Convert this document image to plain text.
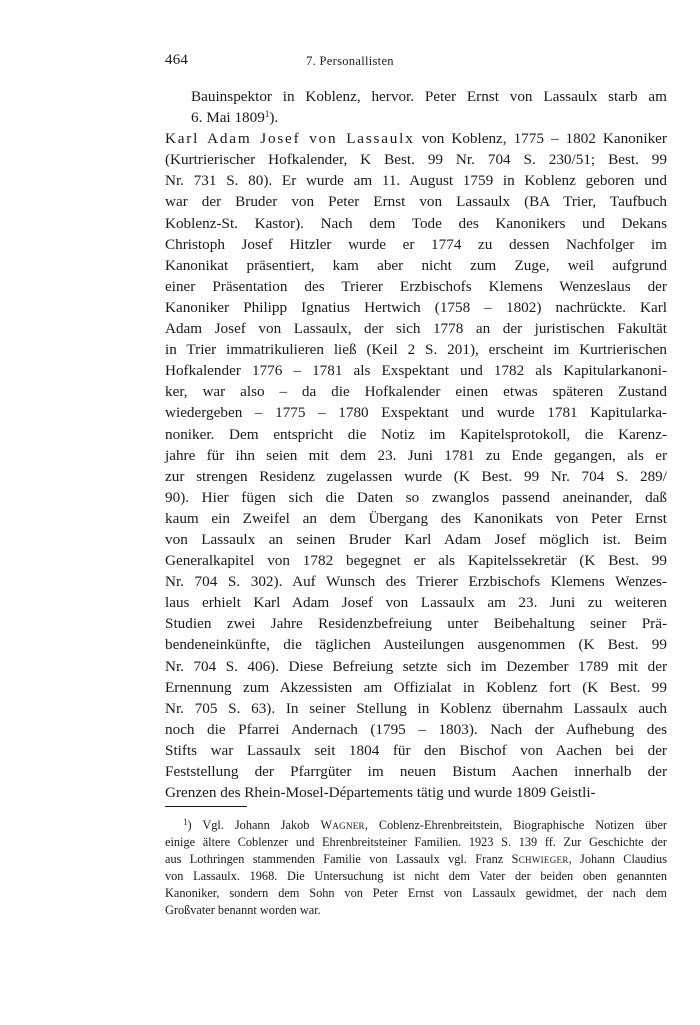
464	7. Personallisten

Bauinspektor in Koblenz, hervor. Peter Ernst von Lassaulx starb am
6. Mai 1809$^1$).

Karl Adam Josef von Lassaulx von Koblenz, 1775 – 1802 Kanoniker
(Kurtrierischer Hofkalender, K Best. 99 Nr. 704 S. 230/51; Best. 99
Nr. 731 S. 80). Er wurde am 11. August 1759 in Koblenz geboren und
war der Bruder von Peter Ernst von Lassaulx (BA Trier, Taufbuch
Koblenz-St. Kastor). Nach dem Tode des Kanonikers und Dekans
Christoph Josef Hitzler wurde er 1774 zu dessen Nachfolger im
Kanonikat präsentiert, kam aber nicht zum Zuge, weil aufgrund
einer Präsentation des Trierer Erzbischofs Klemens Wenzeslaus der
Kanoniker Philipp Ignatius Hertwich (1758 – 1802) nachrückte. Karl
Adam Josef von Lassaulx, der sich 1778 an der juristischen Fakultät
in Trier immatrikulieren ließ (Keil 2 S. 201), erscheint im Kurtrierischen
Hofkalender 1776 – 1781 als Exspektant und 1782 als Kapitularkanoni-
ker, war also – da die Hofkalender einen etwas späteren Zustand
wiedergeben – 1775 – 1780 Exspektant und wurde 1781 Kapitularka-
noniker. Dem entspricht die Notiz im Kapitelsprotokoll, die Karenz-
jahre für ihn seien mit dem 23. Juni 1781 zu Ende gegangen, als er
zur strengen Residenz zugelassen wurde (K Best. 99 Nr. 704 S. 289/
90). Hier fügen sich die Daten so zwanglos passend aneinander, daß
kaum ein Zweifel an dem Übergang des Kanonikats von Peter Ernst
von Lassaulx an seinen Bruder Karl Adam Josef möglich ist. Beim
Generalkapitel von 1782 begegnet er als Kapitelssekretär (K Best. 99
Nr. 704 S. 302). Auf Wunsch des Trierer Erzbischofs Klemens Wenzes-
laus erhielt Karl Adam Josef von Lassaulx am 23. Juni zu weiteren
Studien zwei Jahre Residenzbefreiung unter Beibehaltung seiner Prä-
bendeneinkünfte, die täglichen Austeilungen ausgenommen (K Best. 99
Nr. 704 S. 406). Diese Befreiung setzte sich im Dezember 1789 mit der
Ernennung zum Akzessisten am Offizialat in Koblenz fort (K Best. 99
Nr. 705 S. 63). In seiner Stellung in Koblenz übernahm Lassaulx auch
noch die Pfarrei Andernach (1795 – 1803). Nach der Aufhebung des
Stifts war Lassaulx seit 1804 für den Bischof von Aachen bei der
Feststellung der Pfarrgüter im neuen Bistum Aachen innerhalb der
Grenzen des Rhein-Mosel-Départements tätig und wurde 1809 Geistli-

$^1$) Vgl. Johann Jakob Wagner, Coblenz-Ehrenbreitstein, Biographische Notizen über
einige ältere Coblenzer und Ehrenbreitsteiner Familien. 1923 S. 139 ff. Zur Geschichte der
aus Lothringen stammenden Familie von Lassaulx vgl. Franz Schwieger, Johann Claudius
von Lassaulx. 1968. Die Untersuchung ist nicht dem Vater der beiden oben genannten
Kanoniker, sondern dem Sohn von Peter Ernst von Lassaulx gewidmet, der nach dem
Großvater benannt worden war.
